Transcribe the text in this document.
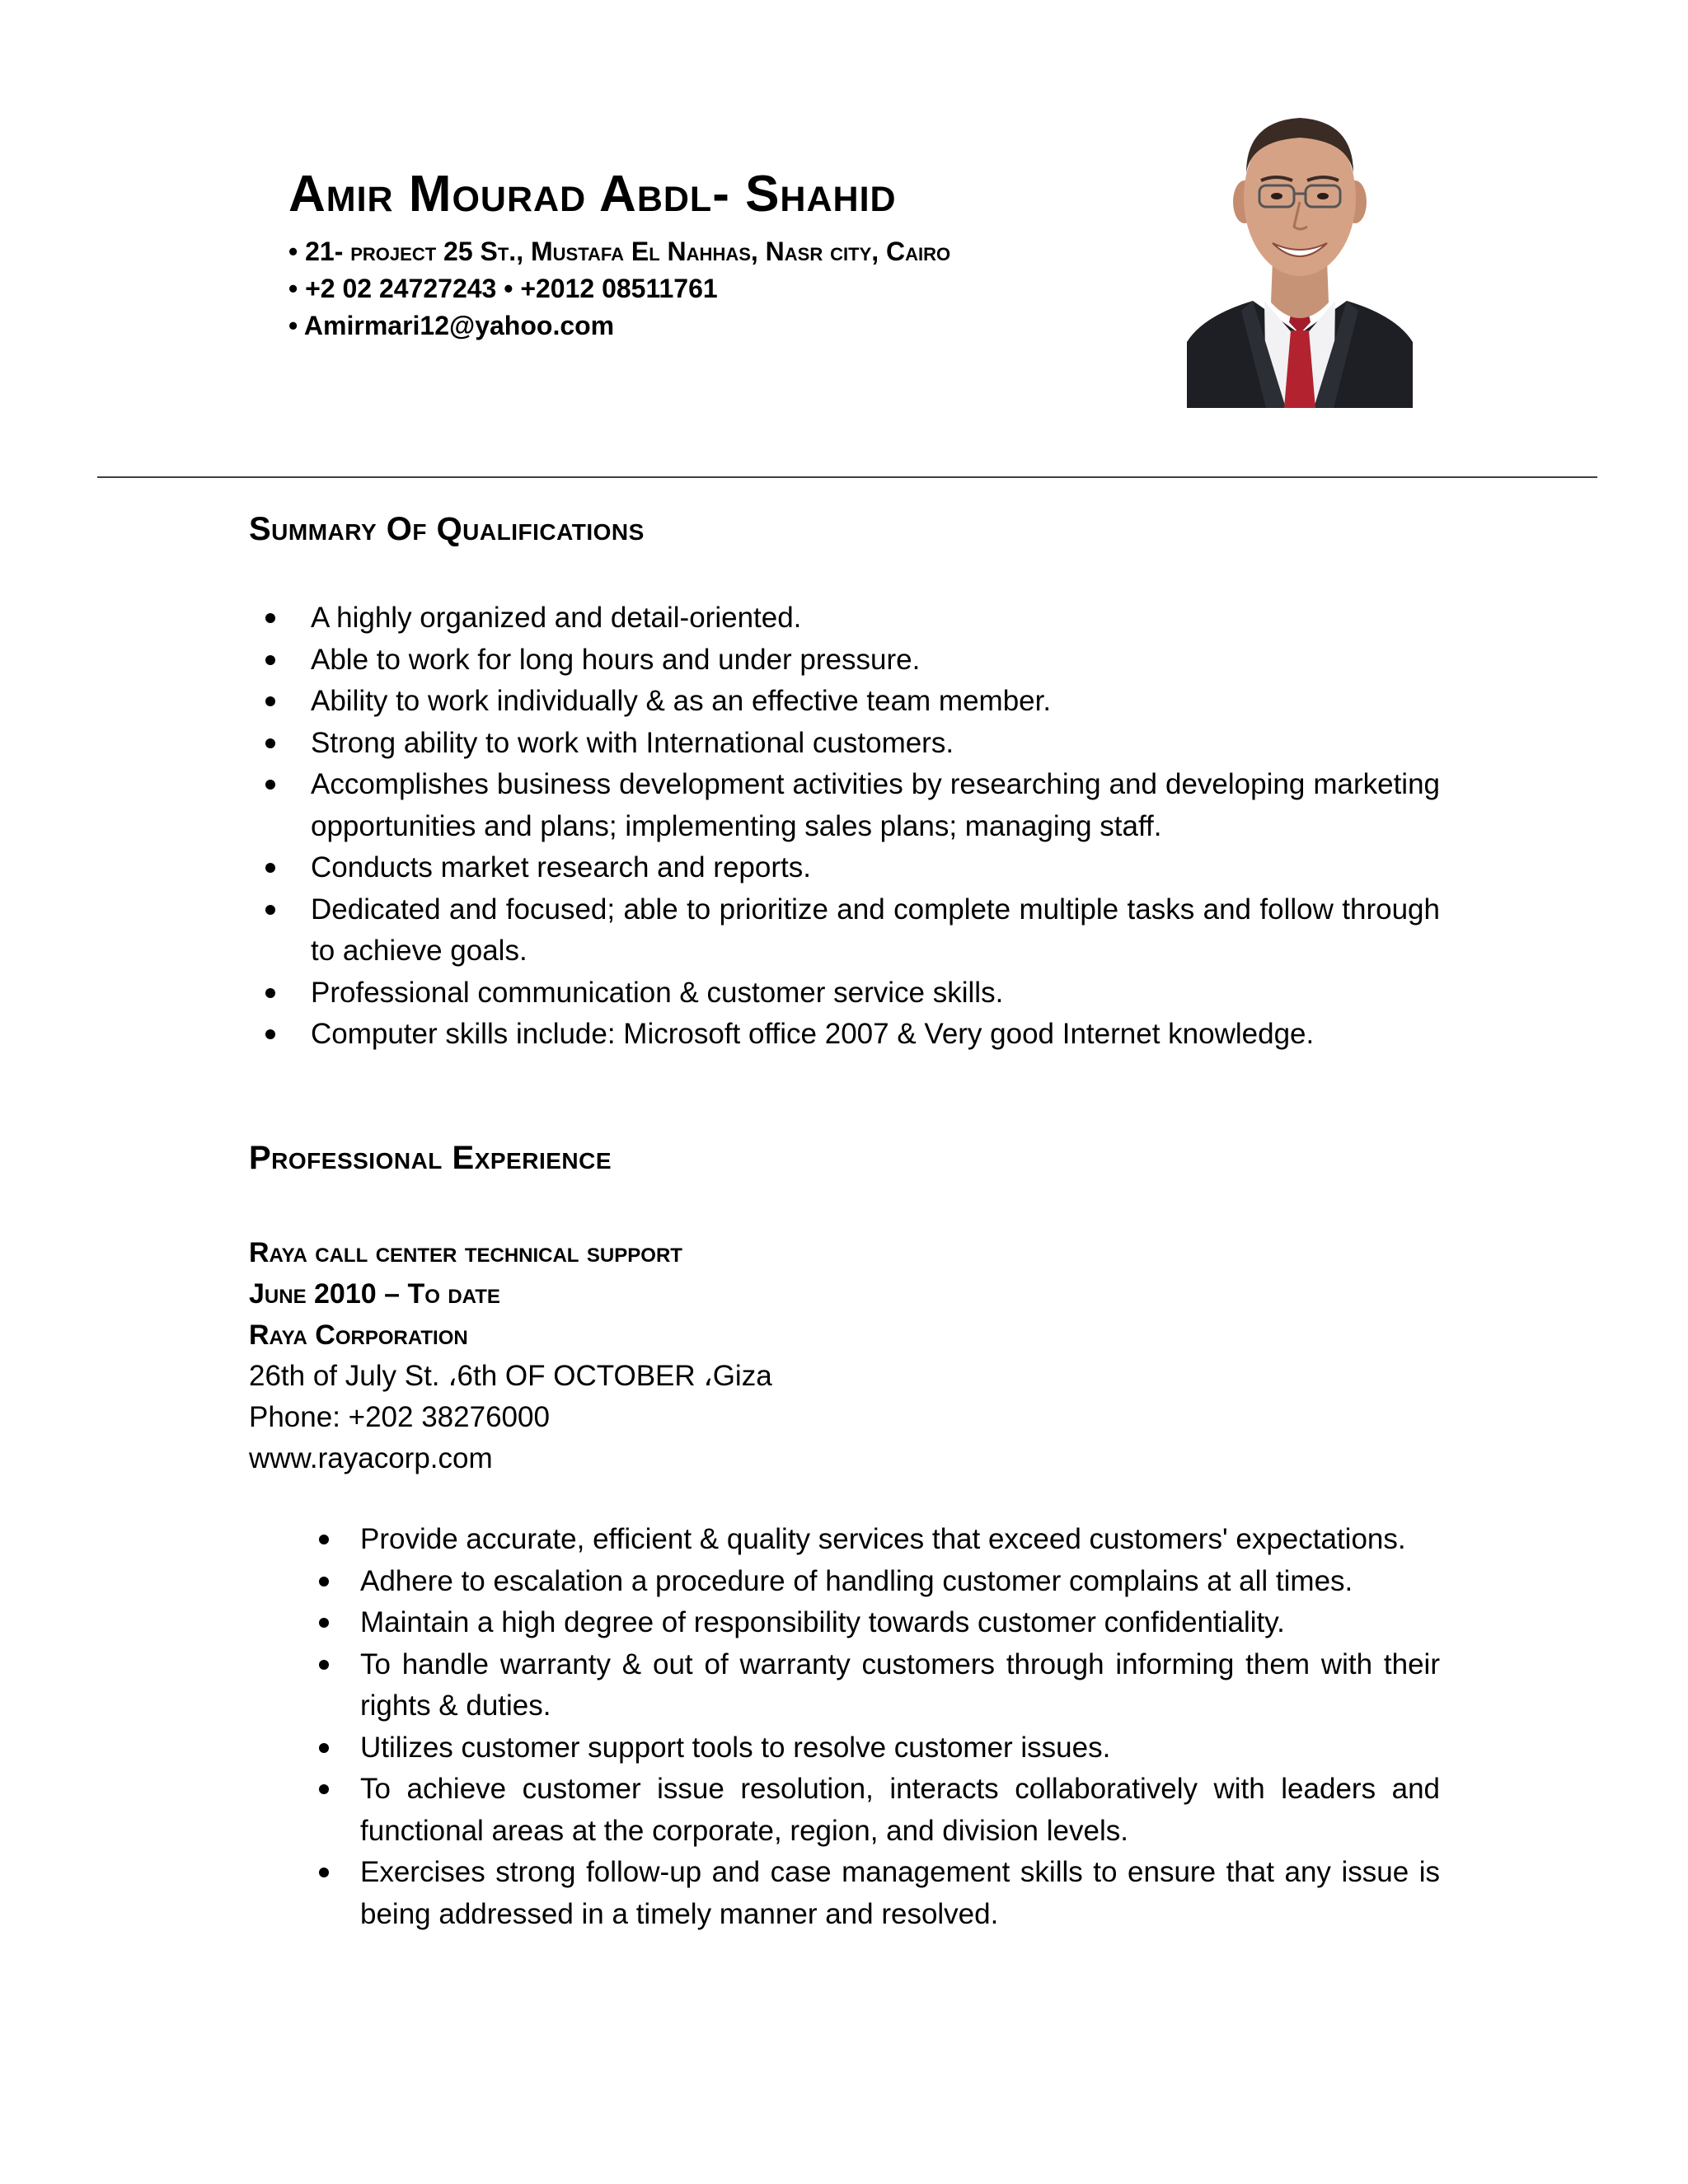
Amir Mourad Abdl- Shahid
• 21- project 25 St., Mustafa El Nahhas, Nasr city, Cairo
• +2 02 24727243 • +2012 08511761
• Amirmari12@yahoo.com
Summary Of Qualifications
A highly organized and detail-oriented.
Able to work for long hours and under pressure.
Ability to work individually & as an effective team member.
Strong ability to work with International customers.
Accomplishes business development activities by researching and developing marketing opportunities and plans; implementing sales plans; managing staff.
Conducts market research and reports.
Dedicated and focused; able to prioritize and complete multiple tasks and follow through to achieve goals.
Professional communication & customer service skills.
Computer skills include: Microsoft office 2007 & Very good Internet knowledge.
Professional Experience
Raya call center technical support
June 2010 – To date
Raya Corporation
26th of July St. ،6th OF OCTOBER ،Giza
Phone: +202 38276000
www.rayacorp.com
Provide accurate, efficient & quality services that exceed customers' expectations.
Adhere to escalation a procedure of handling customer complains at all times.
Maintain a high degree of responsibility towards customer confidentiality.
To handle warranty & out of warranty customers through informing them with their rights & duties.
Utilizes customer support tools to resolve customer issues.
To achieve customer issue resolution, interacts collaboratively with leaders and functional areas at the corporate, region, and division levels.
Exercises strong follow-up and case management skills to ensure that any issue is being addressed in a timely manner and resolved.
